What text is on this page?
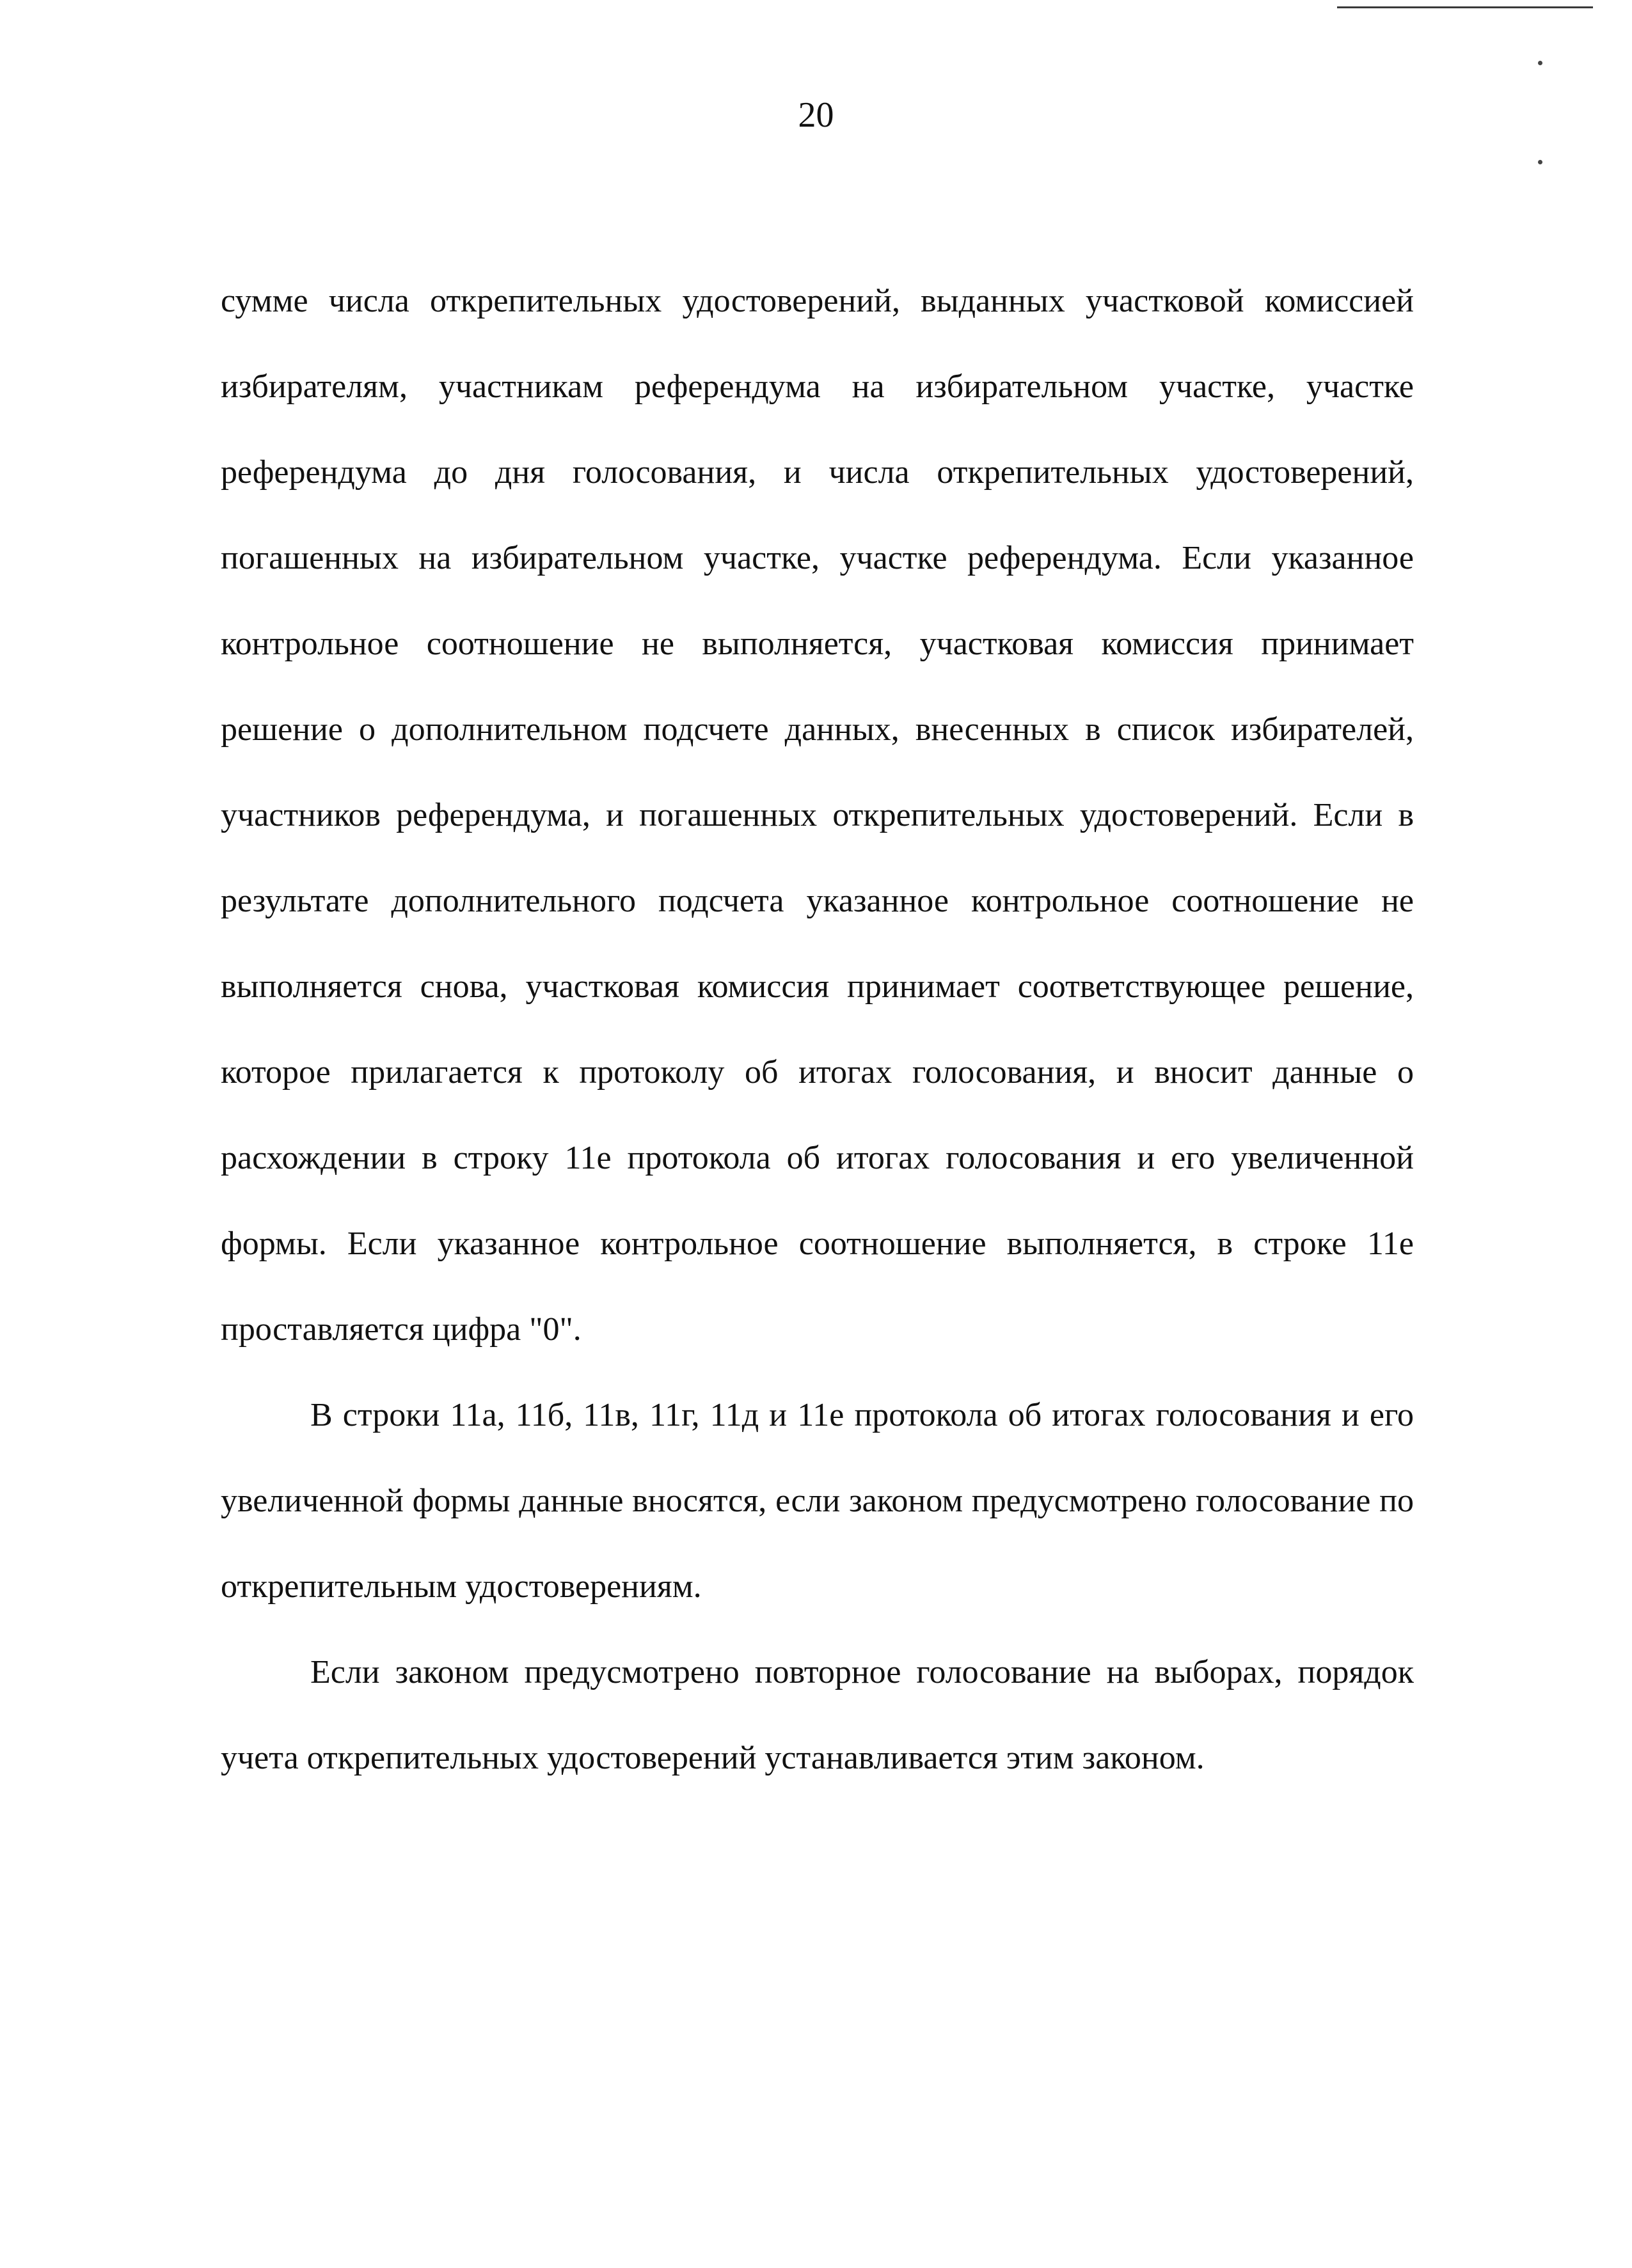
20

сумме числа открепительных удостоверений, выданных участковой комиссией избирателям, участникам референдума на избирательном участке, участке референдума до дня голосования, и числа открепительных удостоверений, погашенных на избирательном участке, участке референдума. Если указанное контрольное соотношение не выполняется, участковая комиссия принимает решение о дополнительном подсчете данных, внесенных в список избирателей, участников референдума, и погашенных открепительных удостоверений. Если в результате дополнительного подсчета указанное контрольное соотношение не выполняется снова, участковая комиссия принимает соответствующее решение, которое прилагается к протоколу об итогах голосования, и вносит данные о расхождении в строку 11е протокола об итогах голосования и его увеличенной формы. Если указанное контрольное соотношение выполняется, в строке 11е проставляется цифра "0".

В строки 11а, 11б, 11в, 11г, 11д и 11е протокола об итогах голосования и его увеличенной формы данные вносятся, если законом предусмотрено голосование по открепительным удостоверениям.

Если законом предусмотрено повторное голосование на выборах, порядок учета открепительных удостоверений устанавливается этим законом.
